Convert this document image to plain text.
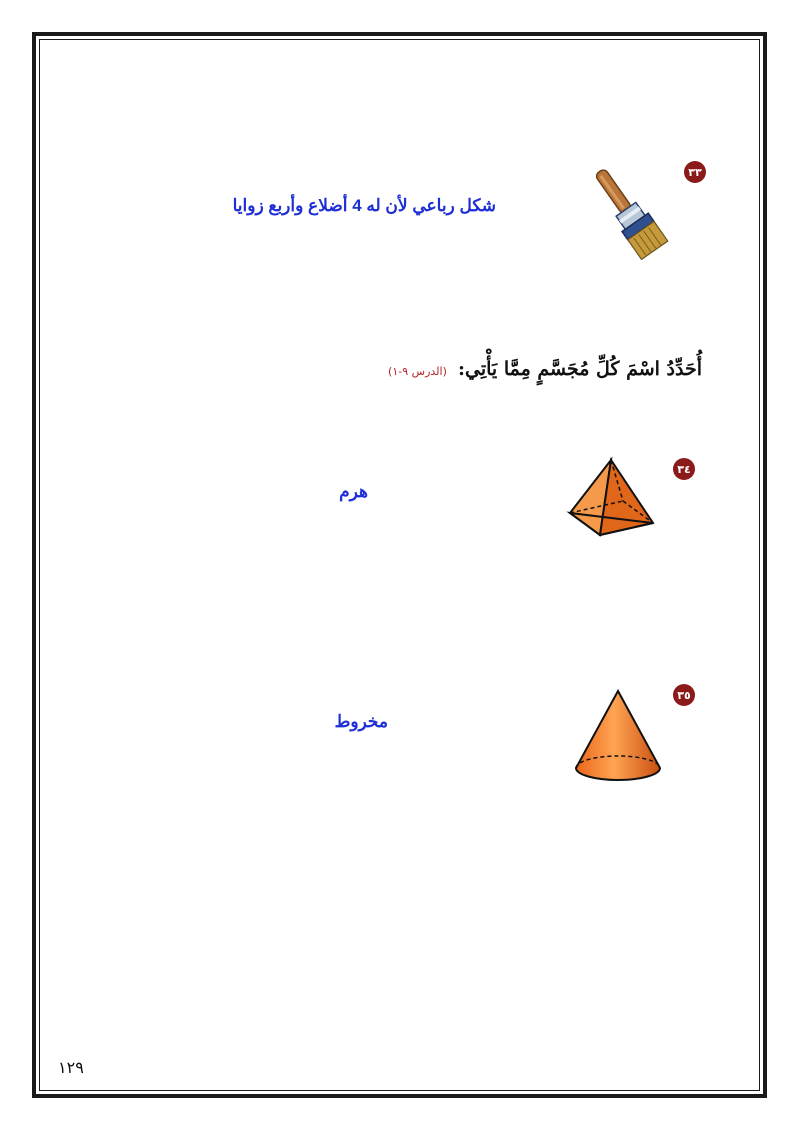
٣٣
شكل رباعي لأن له 4 أضلاع وأربع زوايا
أُحَدِّدُ اسْمَ كُلِّ مُجَسَّمٍ مِمَّا يَأْتِي: (الدرس ٩-١)
٣٤
هرم
٣٥
مخروط
١٢٩
